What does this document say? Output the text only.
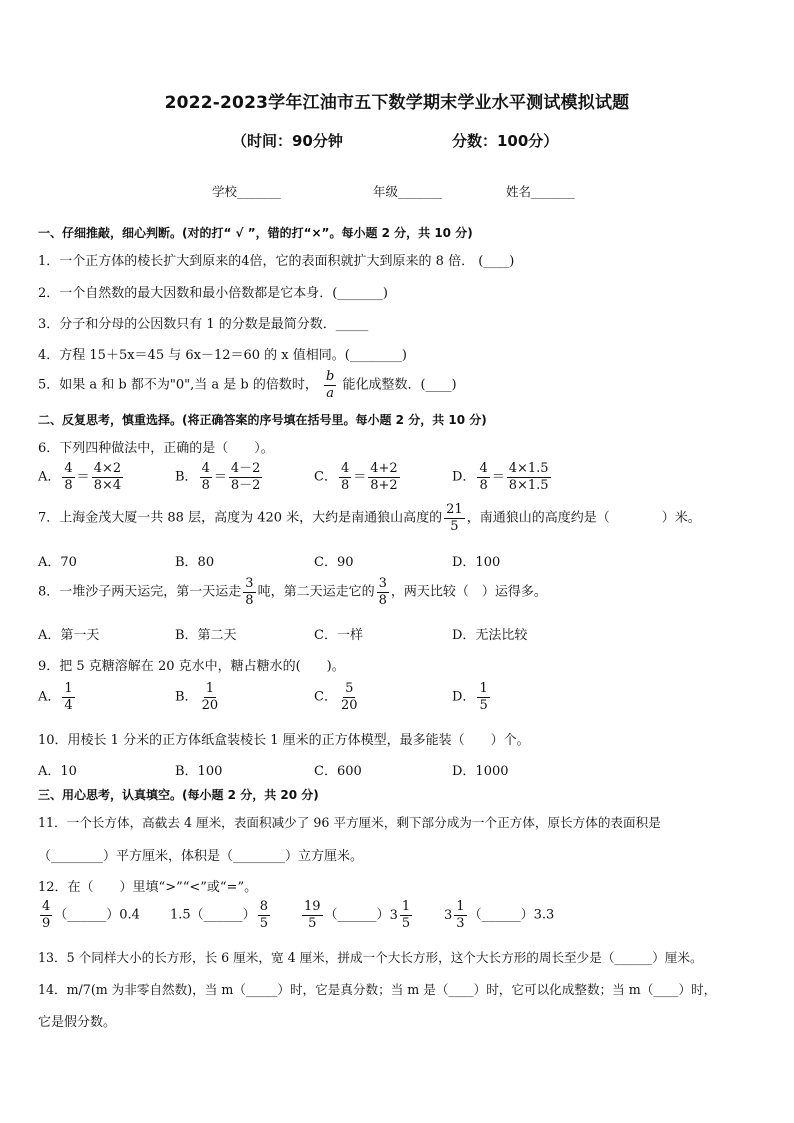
2022-2023学年江油市五下数学期末学业水平测试模拟试题
（时间：90分钟	分数：100分）
学校_______	年级_______	姓名_______
一、仔细推敲，细心判断。(对的打“ √ ”，错的打“×”。每小题 2 分，共 10 分)
1．一个正方体的棱长扩大到原来的4倍，它的表面积就扩大到原来的 8 倍． (____)
2．一个自然数的最大因数和最小倍数都是它本身．(_______)
3．分子和分母的公因数只有 1 的分数是最简分数．_____
4．方程 15＋5x＝45 与 6x－12＝60 的 x 值相同。(________)
5．如果 a 和 b 都不为"0",当 a 是 b 的倍数时， $\frac{b}{a}$ 能化成整数．(____)
二、反复思考，慎重选择。(将正确答案的序号填在括号里。每小题 2 分，共 10 分)
6．下列四种做法中，正确的是（　　）。
A． $\frac{4}{8} = \frac{4\times 2}{8\times 4}$	B． $\frac{4}{8} = \frac{4-2}{8-2}$	C． $\frac{4}{8} = \frac{4+2}{8+2}$	D． $\frac{4}{8} = \frac{4\times 1.5}{8\times 1.5}$
7．上海金茂大厦一共 88 层，高度为 420 米，大约是南通狼山高度的 $\frac{21}{5}$ ，南通狼山的高度约是（　　　　）米。
A．70	B．80	C．90	D．100
8．一堆沙子两天运完，第一天运走 $\frac{3}{8}$ 吨，第二天运走它的 $\frac{3}{8}$ ，两天比较（　）运得多。
A．第一天	B．第二天	C．一样	D．无法比较
9．把 5 克糖溶解在 20 克水中，糖占糖水的(　　)。
A． $\frac{1}{4}$	B． $\frac{1}{20}$	C． $\frac{5}{20}$	D． $\frac{1}{5}$
10．用棱长 1 分米的正方体纸盒装棱长 1 厘米的正方体模型，最多能装（　　）个。
A．10	B．100	C．600	D．1000
三、用心思考，认真填空。(每小题 2 分，共 20 分)
11．一个长方体，高截去 4 厘米，表面积减少了 96 平方厘米，剩下部分成为一个正方体，原长方体的表面积是
（________）平方厘米，体积是（________）立方厘米。
12．在（　　）里填“>”“<”或“=”。
$\frac{4}{9}$ （______）0.4 1.5（______） $\frac{8}{5} \frac{19}{5}$ （______） $3 \frac{1}{5} 3 \frac{1}{3}$ （______）3.3
13．5 个同样大小的长方形，长 6 厘米，宽 4 厘米，拼成一个大长方形，这个大长方形的周长至少是（______）厘米。
14．m/7(m 为非零自然数)，当 m（_____）时，它是真分数；当 m 是（____）时，它可以化成整数；当 m（____）时，
它是假分数。
